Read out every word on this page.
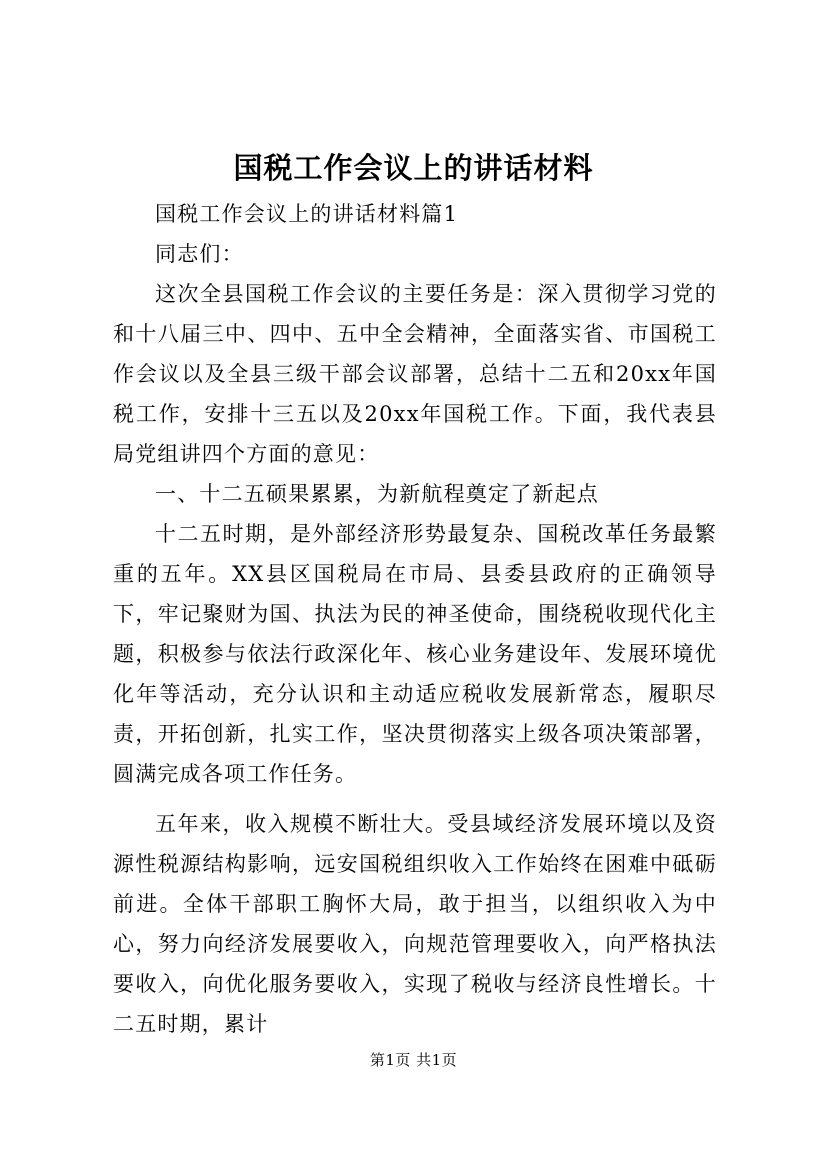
国税工作会议上的讲话材料

国税工作会议上的讲话材料篇1

同志们：

这次全县国税工作会议的主要任务是：深入贯彻学习党的和十八届三中、四中、五中全会精神，全面落实省、市国税工作会议以及全县三级干部会议部署，总结十二五和20xx年国税工作，安排十三五以及20xx年国税工作。下面，我代表县局党组讲四个方面的意见：

一、十二五硕果累累，为新航程奠定了新起点

十二五时期，是外部经济形势最复杂、国税改革任务最繁重的五年。XX县区国税局在市局、县委县政府的正确领导下，牢记聚财为国、执法为民的神圣使命，围绕税收现代化主题，积极参与依法行政深化年、核心业务建设年、发展环境优化年等活动，充分认识和主动适应税收发展新常态，履职尽责，开拓创新，扎实工作，坚决贯彻落实上级各项决策部署，圆满完成各项工作任务。

五年来，收入规模不断壮大。受县域经济发展环境以及资源性税源结构影响，远安国税组织收入工作始终在困难中砥砺前进。全体干部职工胸怀大局，敢于担当，以组织收入为中心，努力向经济发展要收入，向规范管理要收入，向严格执法要收入，向优化服务要收入，实现了税收与经济良性增长。十二五时期，累计

第1页 共1页
